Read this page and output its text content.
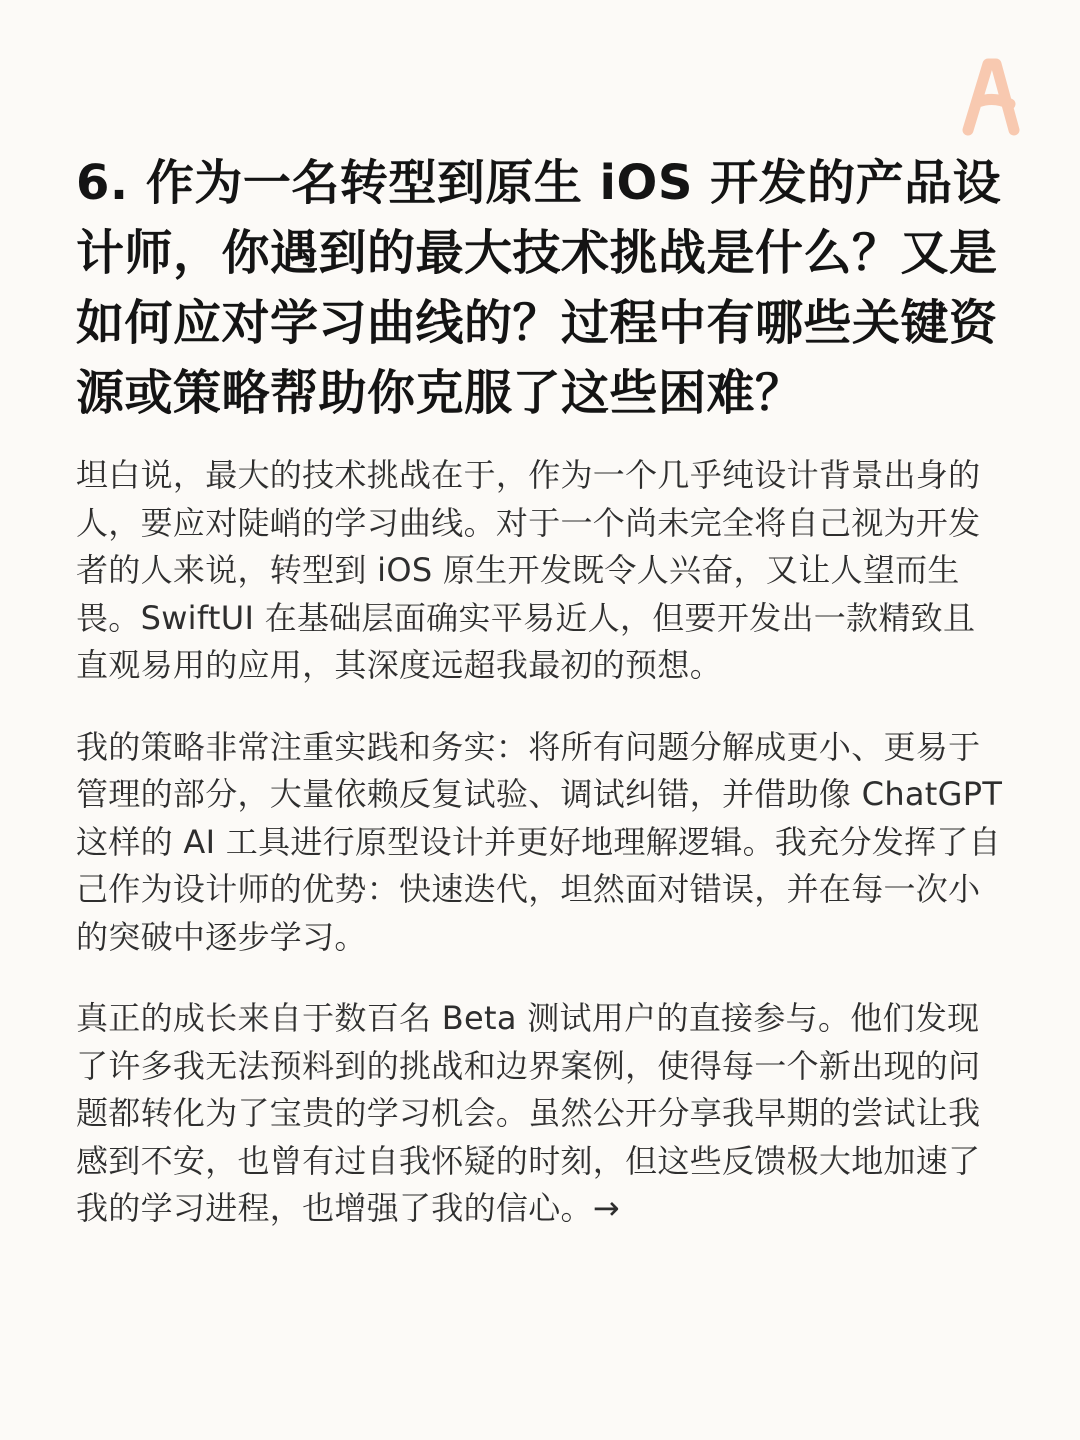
6. 作为一名转型到原生 iOS 开发的产品设计师，你遇到的最大技术挑战是什么？又是如何应对学习曲线的？过程中有哪些关键资源或策略帮助你克服了这些困难？

坦白说，最大的技术挑战在于，作为一个几乎纯设计背景出身的人，要应对陡峭的学习曲线。对于一个尚未完全将自己视为开发者的人来说，转型到 iOS 原生开发既令人兴奋，又让人望而生畏。SwiftUI 在基础层面确实平易近人，但要开发出一款精致且直观易用的应用，其深度远超我最初的预想。

我的策略非常注重实践和务实：将所有问题分解成更小、更易于管理的部分，大量依赖反复试验、调试纠错，并借助像 ChatGPT 这样的 AI 工具进行原型设计并更好地理解逻辑。我充分发挥了自己作为设计师的优势：快速迭代，坦然面对错误，并在每一次小的突破中逐步学习。

真正的成长来自于数百名 Beta 测试用户的直接参与。他们发现了许多我无法预料到的挑战和边界案例，使得每一个新出现的问题都转化为了宝贵的学习机会。虽然公开分享我早期的尝试让我感到不安，也曾有过自我怀疑的时刻，但这些反馈极大地加速了我的学习进程，也增强了我的信心。→
